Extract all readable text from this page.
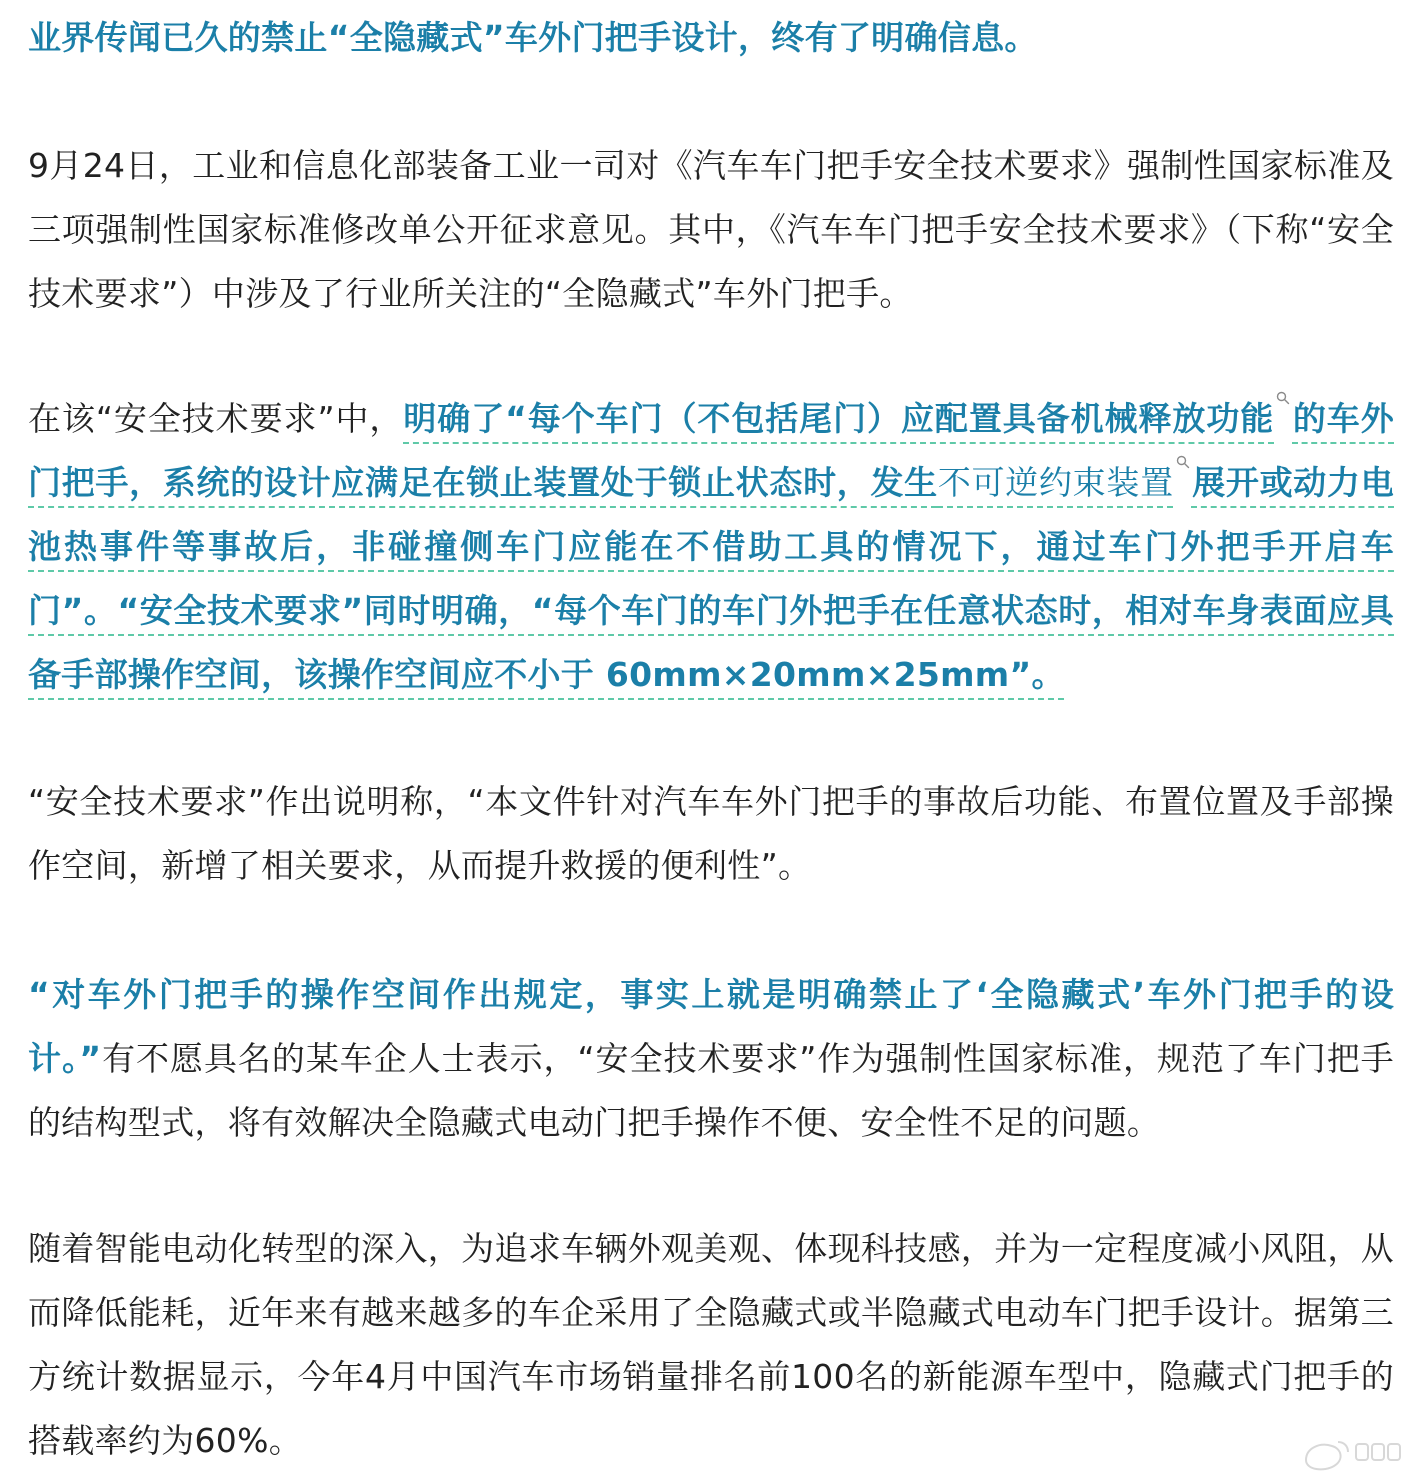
业界传闻已久的禁止“全隐藏式”车外门把手设计，终有了明确信息。

9月24日，工业和信息化部装备工业一司对《汽车车门把手安全技术要求》强制性国家标准及三项强制性国家标准修改单公开征求意见。其中，《汽车车门把手安全技术要求》（下称“安全技术要求”）中涉及了行业所关注的“全隐藏式”车外门把手。

在该“安全技术要求”中，明确了“每个车门（不包括尾门）应配置具备机械释放功能 的车外门把手，系统的设计应满足在锁止装置处于锁止状态时，发生不可逆约束装置 展开或动力电池热事件等事故后，非碰撞侧车门应能在不借助工具的情况下，通过车门外把手开启车门”。“安全技术要求”同时明确，“每个车门的车门外把手在任意状态时，相对车身表面应具备手部操作空间，该操作空间应不小于 60mm×20mm×25mm”。

“安全技术要求”作出说明称，“本文件针对汽车车外门把手的事故后功能、布置位置及手部操作空间，新增了相关要求，从而提升救援的便利性”。

“对车外门把手的操作空间作出规定，事实上就是明确禁止了‘全隐藏式’车外门把手的设计。”有不愿具名的某车企人士表示，“安全技术要求”作为强制性国家标准，规范了车门把手的结构型式，将有效解决全隐藏式电动门把手操作不便、安全性不足的问题。

随着智能电动化转型的深入，为追求车辆外观美观、体现科技感，并为一定程度减小风阻，从而降低能耗，近年来有越来越多的车企采用了全隐藏式或半隐藏式电动车门把手设计。据第三方统计数据显示，今年4月中国汽车市场销量排名前100名的新能源车型中，隐藏式门把手的搭载率约为60%。
